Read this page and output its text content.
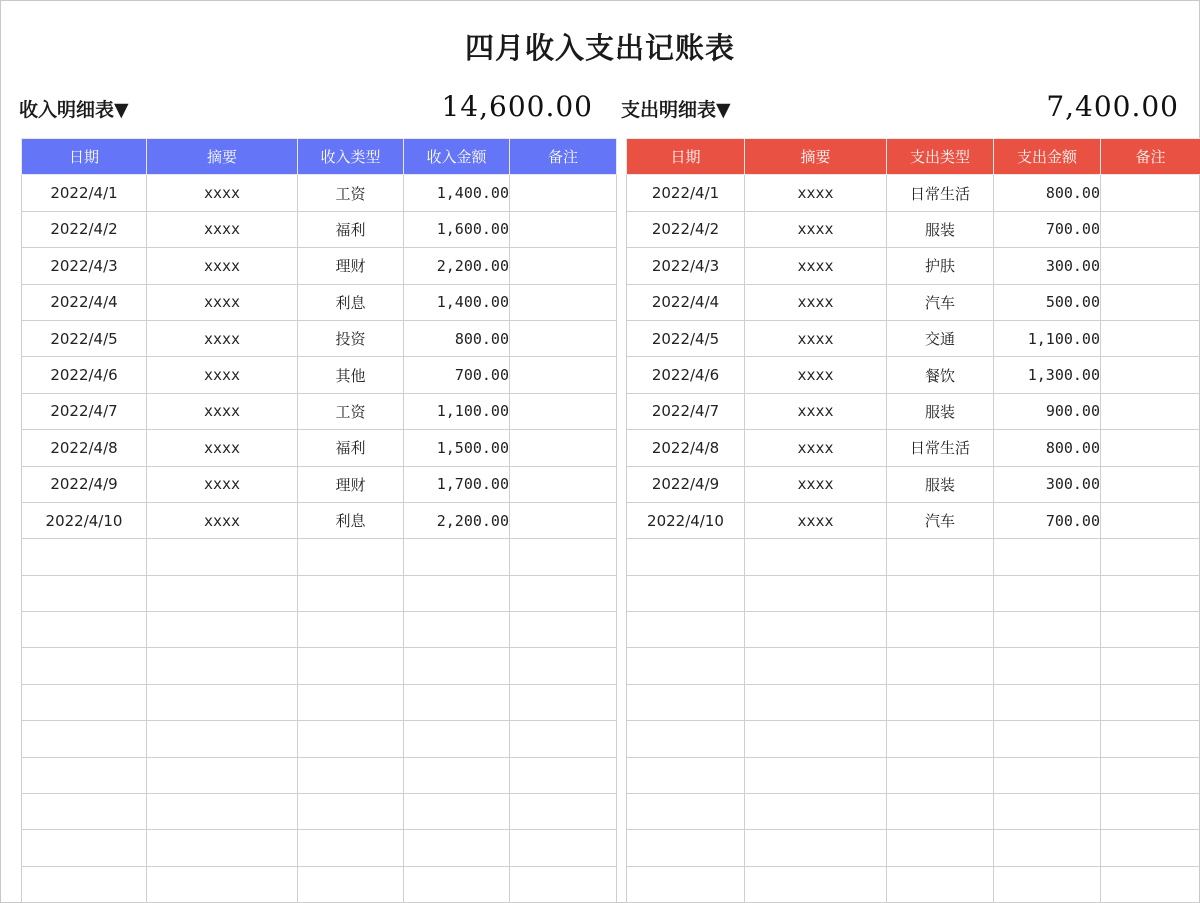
四月收入支出记账表
收入明细表▼	14,600.00 支出明细表▼	7,400.00
日期	摘要	收入类型	收入金额	备注
2022/4/1	xxxx	工资	1,400.00	
2022/4/2	xxxx	福利	1,600.00	
2022/4/3	xxxx	理财	2,200.00	
2022/4/4	xxxx	利息	1,400.00	
2022/4/5	xxxx	投资	800.00	
2022/4/6	xxxx	其他	700.00	
2022/4/7	xxxx	工资	1,100.00	
2022/4/8	xxxx	福利	1,500.00	
2022/4/9	xxxx	理财	1,700.00	
2022/4/10	xxxx	利息	2,200.00	

日期	摘要	支出类型	支出金额	备注
2022/4/1	xxxx	日常生活	800.00	
2022/4/2	xxxx	服装	700.00	
2022/4/3	xxxx	护肤	300.00	
2022/4/4	xxxx	汽车	500.00	
2022/4/5	xxxx	交通	1,100.00	
2022/4/6	xxxx	餐饮	1,300.00	
2022/4/7	xxxx	服装	900.00	
2022/4/8	xxxx	日常生活	800.00	
2022/4/9	xxxx	服装	300.00	
2022/4/10	xxxx	汽车	700.00	
